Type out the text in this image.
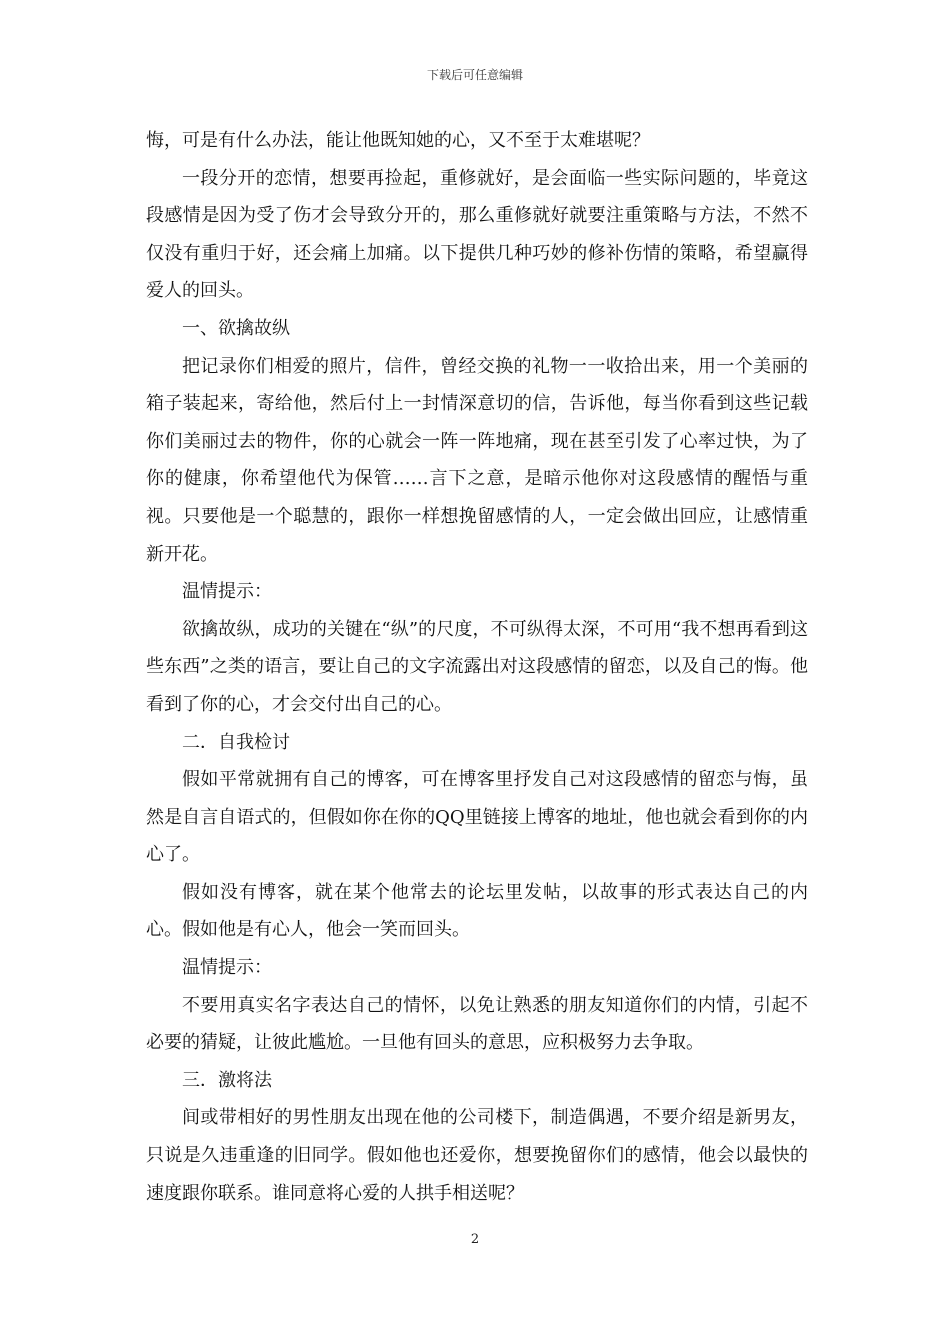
下载后可任意编辑

悔，可是有什么办法，能让他既知她的心，又不至于太难堪呢？

一段分开的恋情，想要再捡起，重修就好，是会面临一些实际问题的，毕竟这段感情是因为受了伤才会导致分开的，那么重修就好就要注重策略与方法，不然不仅没有重归于好，还会痛上加痛。以下提供几种巧妙的修补伤情的策略，希望赢得爱人的回头。

一、欲擒故纵

把记录你们相爱的照片，信件，曾经交换的礼物一一收拾出来，用一个美丽的箱子装起来，寄给他，然后付上一封情深意切的信，告诉他，每当你看到这些记载你们美丽过去的物件，你的心就会一阵一阵地痛，现在甚至引发了心率过快，为了你的健康，你希望他代为保管……言下之意，是暗示他你对这段感情的醒悟与重视。只要他是一个聪慧的，跟你一样想挽留感情的人，一定会做出回应，让感情重新开花。

温情提示：

欲擒故纵，成功的关键在“纵”的尺度，不可纵得太深，不可用“我不想再看到这些东西”之类的语言，要让自己的文字流露出对这段感情的留恋，以及自己的悔。他看到了你的心，才会交付出自己的心。

二．自我检讨

假如平常就拥有自己的博客，可在博客里抒发自己对这段感情的留恋与悔，虽然是自言自语式的，但假如你在你的QQ里链接上博客的地址，他也就会看到你的内心了。

假如没有博客，就在某个他常去的论坛里发帖，以故事的形式表达自己的内心。假如他是有心人，他会一笑而回头。

温情提示：

不要用真实名字表达自己的情怀，以免让熟悉的朋友知道你们的内情，引起不必要的猜疑，让彼此尴尬。一旦他有回头的意思，应积极努力去争取。

三．激将法

间或带相好的男性朋友出现在他的公司楼下，制造偶遇，不要介绍是新男友，只说是久违重逢的旧同学。假如他也还爱你，想要挽留你们的感情，他会以最快的速度跟你联系。谁同意将心爱的人拱手相送呢？

2
